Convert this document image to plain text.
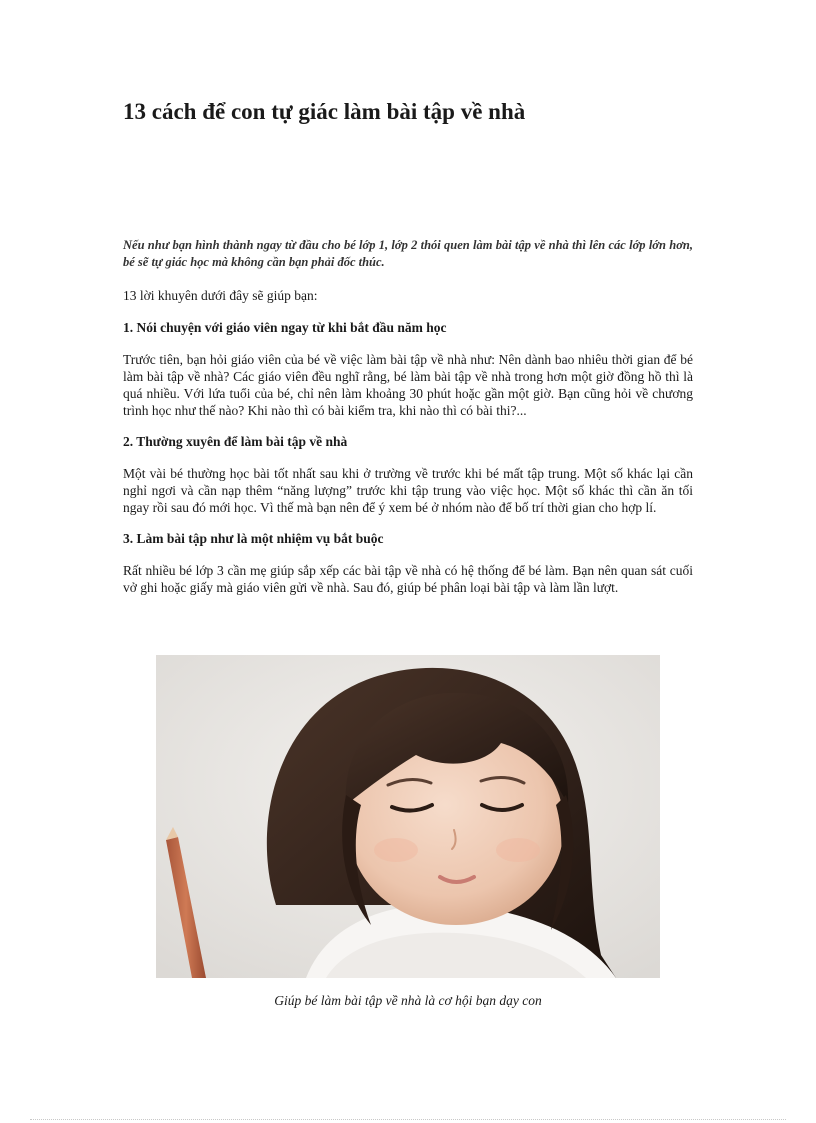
13 cách để con tự giác làm bài tập về nhà

Nếu như bạn hình thành ngay từ đầu cho bé lớp 1, lớp 2 thói quen làm bài tập về nhà thì lên các lớp lớn hơn, bé sẽ tự giác học mà không cần bạn phải đốc thúc.

13 lời khuyên dưới đây sẽ giúp bạn:

1. Nói chuyện với giáo viên ngay từ khi bắt đầu năm học

Trước tiên, bạn hỏi giáo viên của bé về việc làm bài tập về nhà như: Nên dành bao nhiêu thời gian để bé làm bài tập về nhà? Các giáo viên đều nghĩ rằng, bé làm bài tập về nhà trong hơn một giờ đồng hồ thì là quá nhiều. Với lứa tuổi của bé, chỉ nên làm khoảng 30 phút hoặc gần một giờ. Bạn cũng hỏi về chương trình học như thế nào? Khi nào thì có bài kiểm tra, khi nào thì có bài thi?...

2. Thường xuyên để làm bài tập về nhà

Một vài bé thường học bài tốt nhất sau khi ở trường về trước khi bé mất tập trung. Một số khác lại cần nghỉ ngơi và cần nạp thêm “năng lượng” trước khi tập trung vào việc học. Một số khác thì cần ăn tối ngay rồi sau đó mới học. Vì thế mà bạn nên để ý xem bé ở nhóm nào để bố trí thời gian cho hợp lí.

3. Làm bài tập như là một nhiệm vụ bắt buộc

Rất nhiều bé lớp 3 cần mẹ giúp sắp xếp các bài tập về nhà có hệ thống để bé làm. Bạn nên quan sát cuối vở ghi hoặc giấy mà giáo viên gửi về nhà. Sau đó, giúp bé phân loại bài tập và làm lần lượt.

Giúp bé làm bài tập về nhà là cơ hội bạn dạy con
